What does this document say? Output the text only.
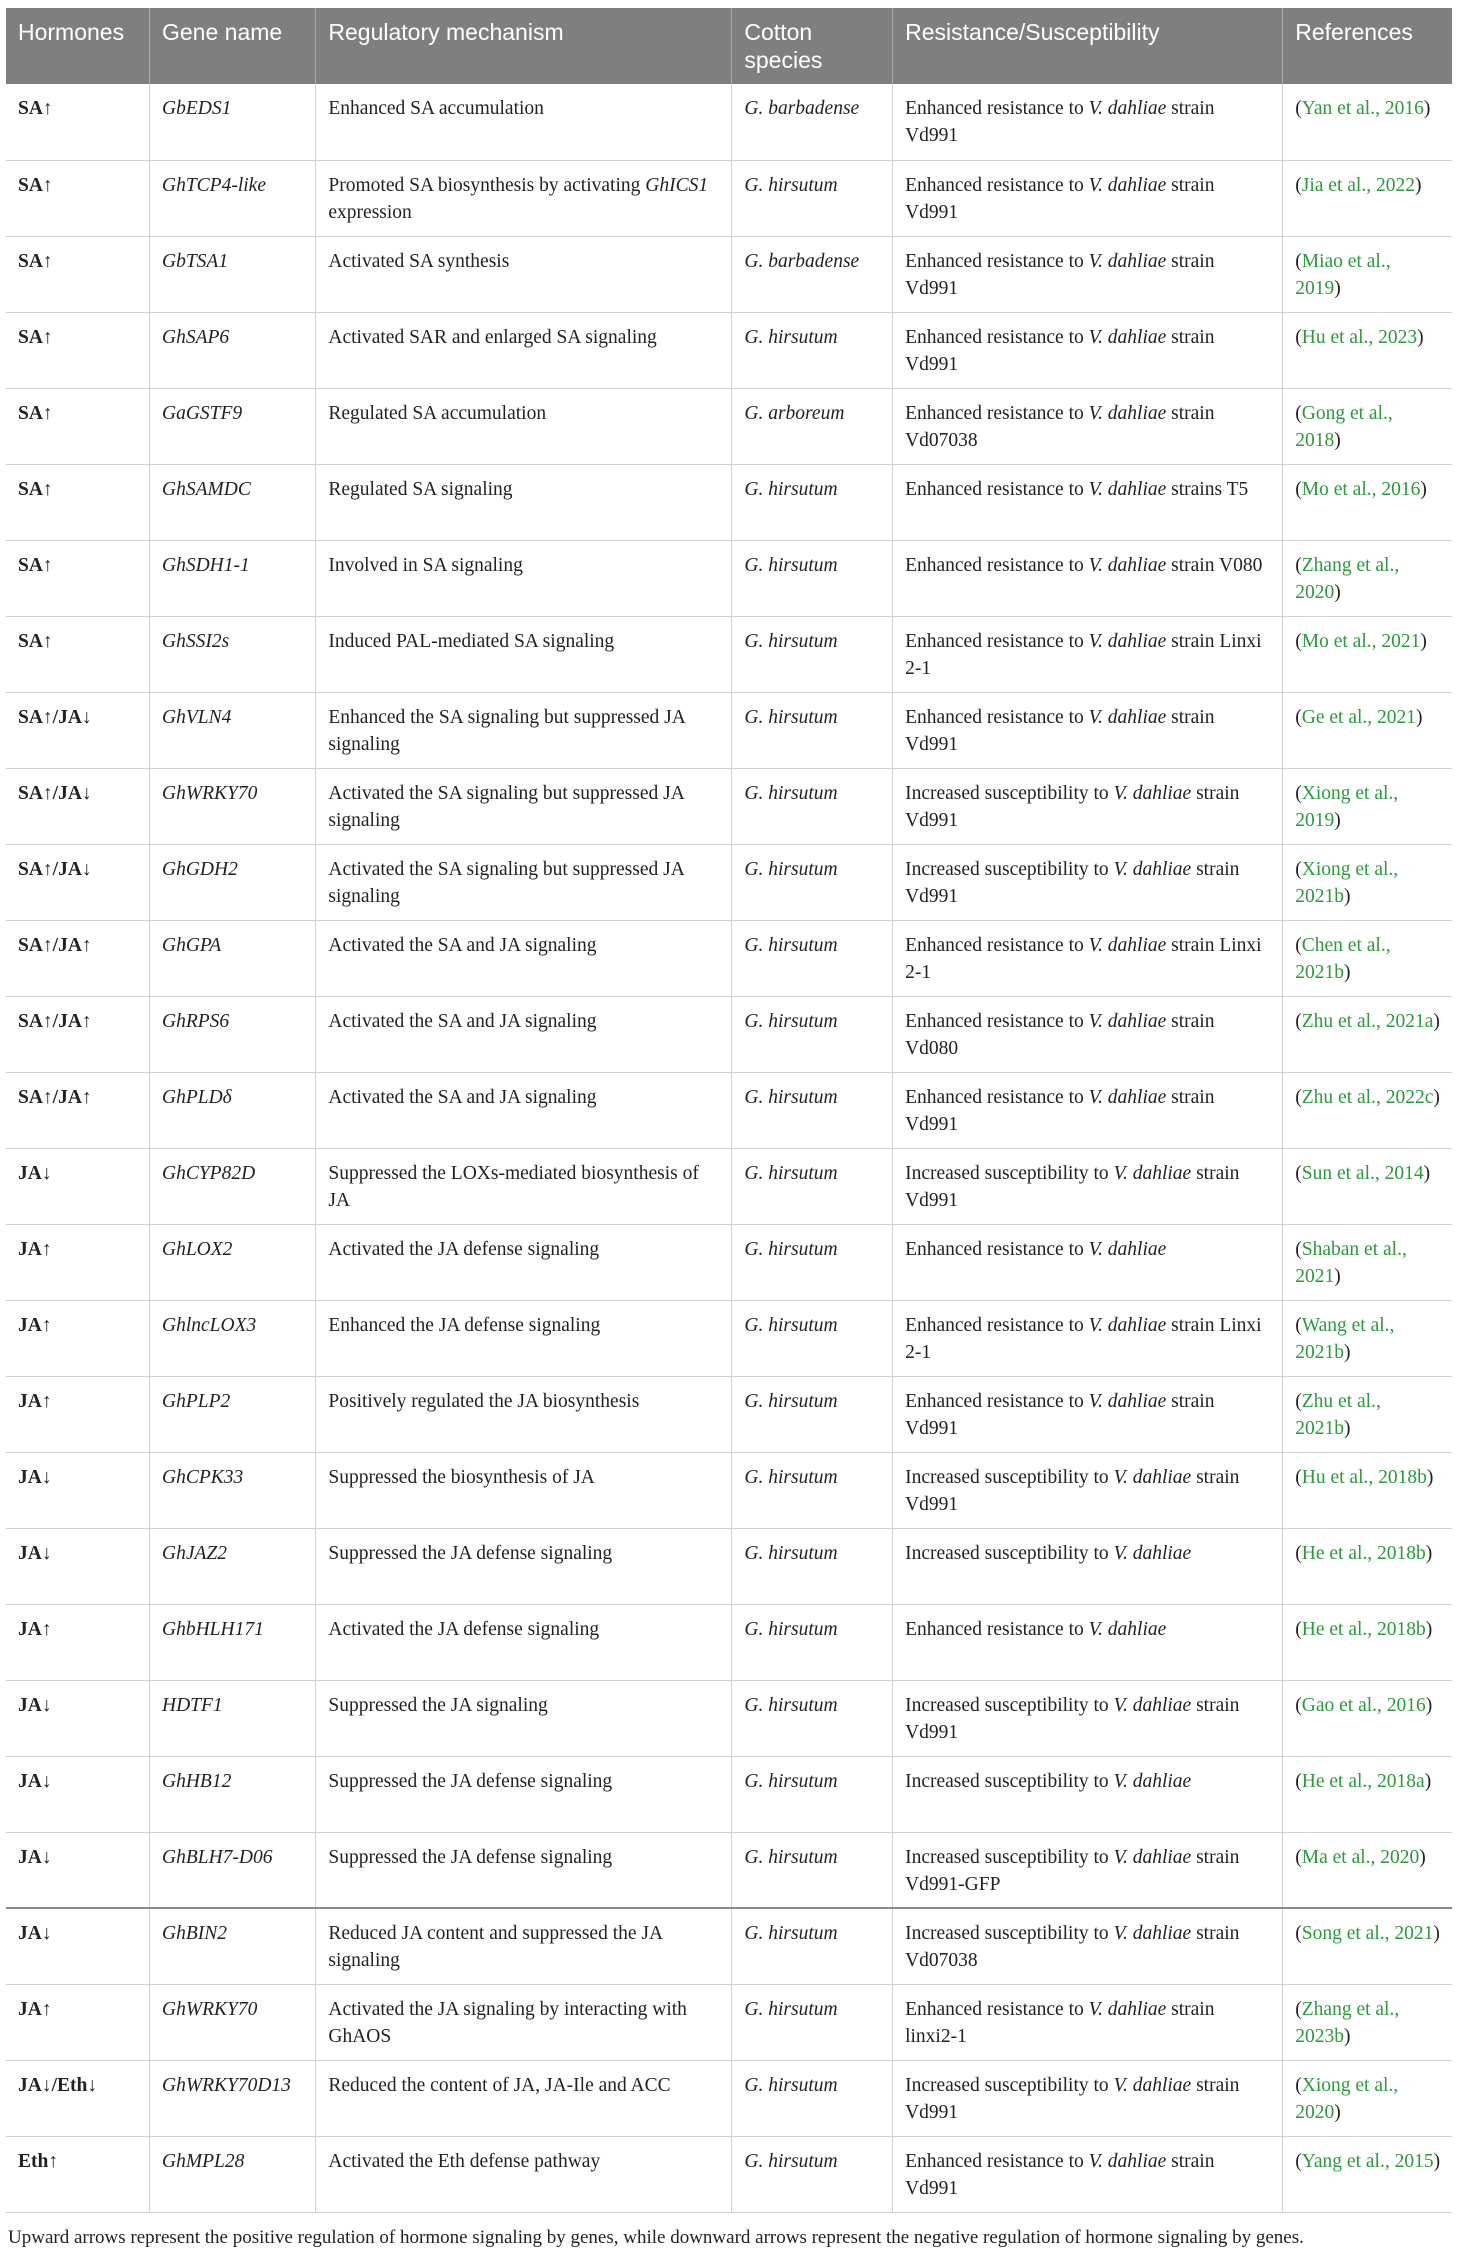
Hormones	Gene name	Regulatory mechanism	Cotton species	Resistance/Susceptibility	References
SA↑	GbEDS1	Enhanced SA accumulation	G. barbadense	Enhanced resistance to V. dahliae strain Vd991	(Yan et al., 2016)
SA↑	GhTCP4-like	Promoted SA biosynthesis by activating GhICS1 expression	G. hirsutum	Enhanced resistance to V. dahliae strain Vd991	(Jia et al., 2022)
SA↑	GbTSA1	Activated SA synthesis	G. barbadense	Enhanced resistance to V. dahliae strain Vd991	(Miao et al., 2019)
SA↑	GhSAP6	Activated SAR and enlarged SA signaling	G. hirsutum	Enhanced resistance to V. dahliae strain Vd991	(Hu et al., 2023)
SA↑	GaGSTF9	Regulated SA accumulation	G. arboreum	Enhanced resistance to V. dahliae strain Vd07038	(Gong et al., 2018)
SA↑	GhSAMDC	Regulated SA signaling	G. hirsutum	Enhanced resistance to V. dahliae strains T5	(Mo et al., 2016)
SA↑	GhSDH1-1	Involved in SA signaling	G. hirsutum	Enhanced resistance to V. dahliae strain V080	(Zhang et al., 2020)
SA↑	GhSSI2s	Induced PAL-mediated SA signaling	G. hirsutum	Enhanced resistance to V. dahliae strain Linxi 2-1	(Mo et al., 2021)
SA↑/JA↓	GhVLN4	Enhanced the SA signaling but suppressed JA signaling	G. hirsutum	Enhanced resistance to V. dahliae strain Vd991	(Ge et al., 2021)
SA↑/JA↓	GhWRKY70	Activated the SA signaling but suppressed JA signaling	G. hirsutum	Increased susceptibility to V. dahliae strain Vd991	(Xiong et al., 2019)
SA↑/JA↓	GhGDH2	Activated the SA signaling but suppressed JA signaling	G. hirsutum	Increased susceptibility to V. dahliae strain Vd991	(Xiong et al., 2021b)
SA↑/JA↑	GhGPA	Activated the SA and JA signaling	G. hirsutum	Enhanced resistance to V. dahliae strain Linxi 2-1	(Chen et al., 2021b)
SA↑/JA↑	GhRPS6	Activated the SA and JA signaling	G. hirsutum	Enhanced resistance to V. dahliae strain Vd080	(Zhu et al., 2021a)
SA↑/JA↑	GhPLDδ	Activated the SA and JA signaling	G. hirsutum	Enhanced resistance to V. dahliae strain Vd991	(Zhu et al., 2022c)
JA↓	GhCYP82D	Suppressed the LOXs-mediated biosynthesis of JA	G. hirsutum	Increased susceptibility to V. dahliae strain Vd991	(Sun et al., 2014)
JA↑	GhLOX2	Activated the JA defense signaling	G. hirsutum	Enhanced resistance to V. dahliae	(Shaban et al., 2021)
JA↑	GhlncLOX3	Enhanced the JA defense signaling	G. hirsutum	Enhanced resistance to V. dahliae strain Linxi 2-1	(Wang et al., 2021b)
JA↑	GhPLP2	Positively regulated the JA biosynthesis	G. hirsutum	Enhanced resistance to V. dahliae strain Vd991	(Zhu et al., 2021b)
JA↓	GhCPK33	Suppressed the biosynthesis of JA	G. hirsutum	Increased susceptibility to V. dahliae strain Vd991	(Hu et al., 2018b)
JA↓	GhJAZ2	Suppressed the JA defense signaling	G. hirsutum	Increased susceptibility to V. dahliae	(He et al., 2018b)
JA↑	GhbHLH171	Activated the JA defense signaling	G. hirsutum	Enhanced resistance to V. dahliae	(He et al., 2018b)
JA↓	HDTF1	Suppressed the JA signaling	G. hirsutum	Increased susceptibility to V. dahliae strain Vd991	(Gao et al., 2016)
JA↓	GhHB12	Suppressed the JA defense signaling	G. hirsutum	Increased susceptibility to V. dahliae	(He et al., 2018a)
JA↓	GhBLH7-D06	Suppressed the JA defense signaling	G. hirsutum	Increased susceptibility to V. dahliae strain Vd991-GFP	(Ma et al., 2020)
JA↓	GhBIN2	Reduced JA content and suppressed the JA signaling	G. hirsutum	Increased susceptibility to V. dahliae strain Vd07038	(Song et al., 2021)
JA↑	GhWRKY70	Activated the JA signaling by interacting with GhAOS	G. hirsutum	Enhanced resistance to V. dahliae strain linxi2-1	(Zhang et al., 2023b)
JA↓/Eth↓	GhWRKY70D13	Reduced the content of JA, JA-Ile and ACC	G. hirsutum	Increased susceptibility to V. dahliae strain Vd991	(Xiong et al., 2020)
Eth↑	GhMPL28	Activated the Eth defense pathway	G. hirsutum	Enhanced resistance to V. dahliae strain Vd991	(Yang et al., 2015)
Upward arrows represent the positive regulation of hormone signaling by genes, while downward arrows represent the negative regulation of hormone signaling by genes.
